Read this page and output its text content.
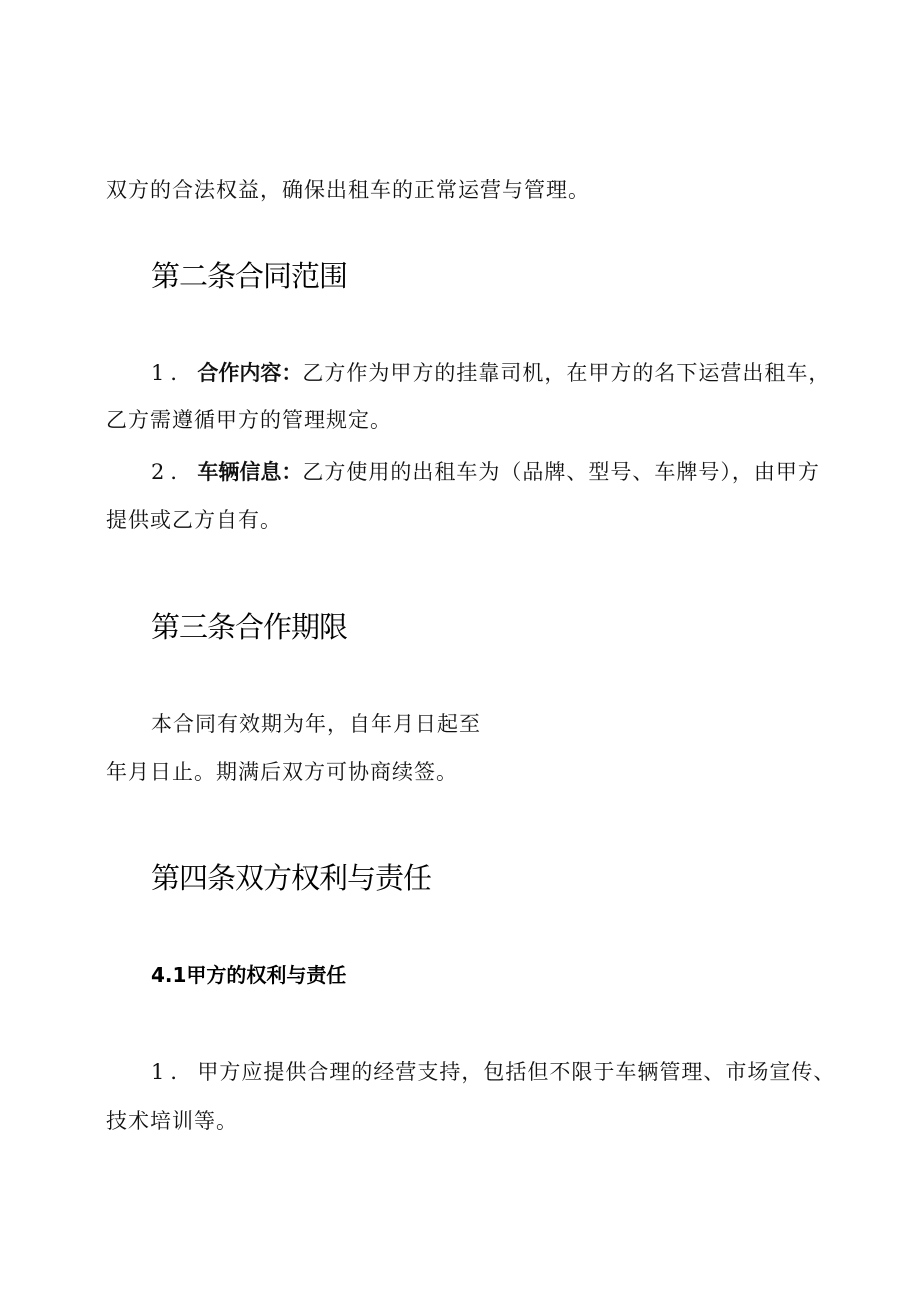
双方的合法权益，确保出租车的正常运营与管理。
第二条合同范围
1．合作内容：乙方作为甲方的挂靠司机，在甲方的名下运营出租车，
乙方需遵循甲方的管理规定。
2．车辆信息：乙方使用的出租车为（品牌、型号、车牌号），由甲方
提供或乙方自有。
第三条合作期限
本合同有效期为年，自年月日起至
年月日止。期满后双方可协商续签。
第四条双方权利与责任
4.1甲方的权利与责任
1．甲方应提供合理的经营支持，包括但不限于车辆管理、市场宣传、
技术培训等。
